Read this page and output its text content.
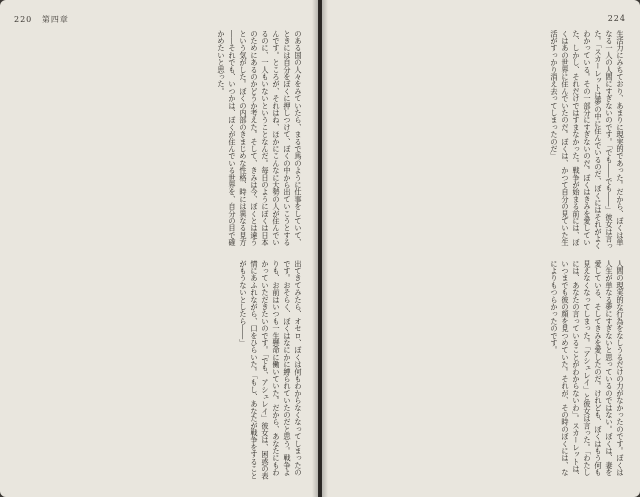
220 第四章
のある国の人々をみていたら、まるで馬のように仕事をしていて、ときには自分をぼくに押しつけて、ぼくの中から出ていこうとするんです。ところが、それはね、ほかにこんなに大勢の人が住んでいるのに、一人もいないということなんだ。毎日のようにぼくは日本のためにあるのかどうか考えた。そして、きみは今、ぼくとは違うという気がした。ぼくの内部のきまじめな性格、時には異なる見方――それでも、いつかは、ぼくが住んでいる世界を、自分の目で確かめたいと思った。
出てきてみたら、オセロ、ぼくは何もわからなくなってしまったのです。おそらく、ぼくはなにかに縛られていたのだと思う。戦争よりも、お前はいつも一生懸命に働いていた。だから、あなたにもわかっていただきたいのです。「でも、アシュレイ」彼女は、困惑の表情にあふれながら、口をひらいた。「もし、あなたが戦争をすることがもうないとしたら――」
224
生活力にみちており、あまりに現実的であった。だから、ぼくは単なる一人の人間にすぎないのです。「でも――でも――」彼女は言った。「スカーレットは夢の中に住んでいるのだ、ぼくにはそれがよくわかっている。その一部分にすぎないのだ。ぼくはきみを愛していた、しかし、それだけではすまなかった。戦争が始まる前には、ぼくはあの世界に住んでいたのだ。ぼくは、かつて自分の見ていた生活がすっかり消え去ってしまったのだ」
人間の現実的な行為をなしうるだけの力がなかったのです。ぼくは人生が単なる夢にすぎないと思っているのではない。ぼくは、妻を愛している、そしてきみを愛したのだ。けれども、ぼくはもう何も見えなくなってしまった。「アシュレイ」と彼女は言った。「わたしには、あなたの言っていることがわからないわ」。スカーレットは、いつまでも彼の顔を見つめていた。それが、その時のぼくには、なによりもつらかったのです。
